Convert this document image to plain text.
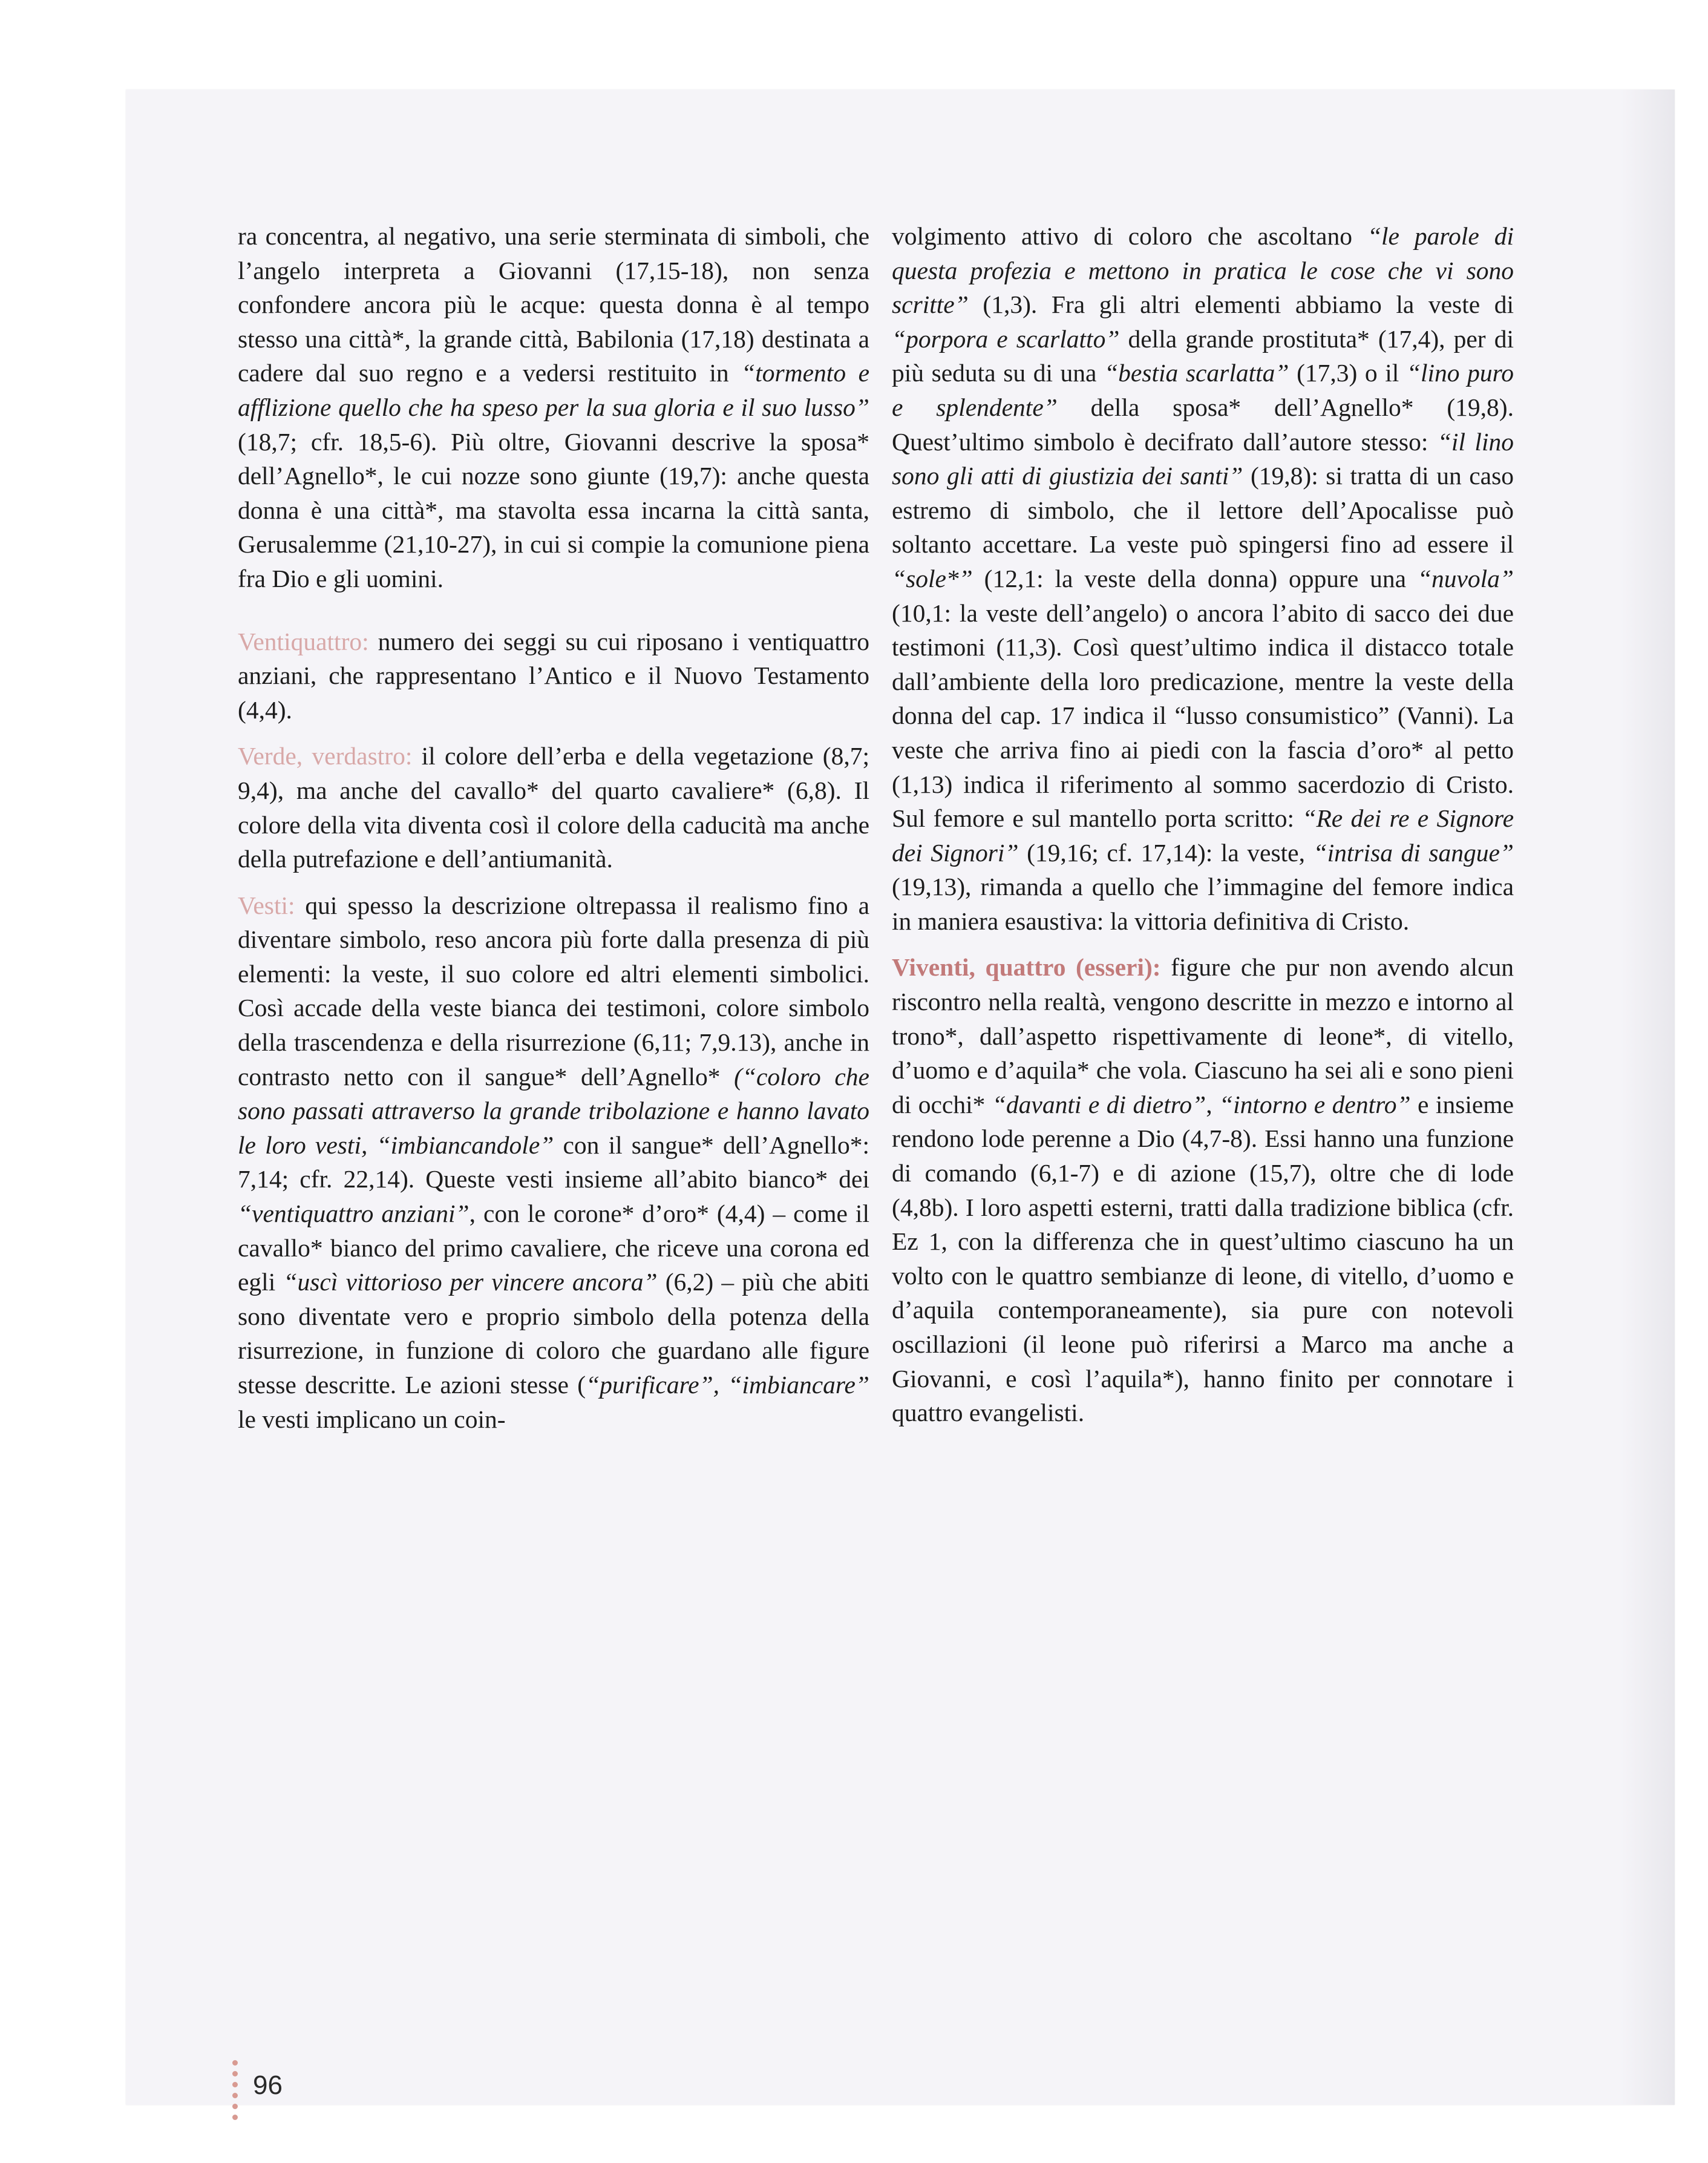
ra concentra, al negativo, una serie sterminata di simboli, che l’angelo interpreta a Giovanni (17,15-18), non senza confondere ancora più le acque: questa donna è al tempo stesso una città*, la grande città, Babilonia (17,18) destinata a cadere dal suo regno e a vedersi restituito in “tormento e afflizione quello che ha speso per la sua gloria e il suo lusso” (18,7; cfr. 18,5-6). Più oltre, Giovanni descrive la sposa* dell’Agnello*, le cui nozze sono giunte (19,7): anche questa donna è una città*, ma stavolta essa incarna la città santa, Gerusalemme (21,10-27), in cui si compie la comunione piena fra Dio e gli uomini.

Ventiquattro: numero dei seggi su cui riposano i ventiquattro anziani, che rappresentano l’Antico e il Nuovo Testamento (4,4).

Verde, verdastro: il colore dell’erba e della vegetazione (8,7; 9,4), ma anche del cavallo* del quarto cavaliere* (6,8). Il colore della vita diventa così il colore della caducità ma anche della putrefazione e dell’antiumanità.

Vesti: qui spesso la descrizione oltrepassa il realismo fino a diventare simbolo, reso ancora più forte dalla presenza di più elementi: la veste, il suo colore ed altri elementi simbolici. Così accade della veste bianca dei testimoni, colore simbolo della trascendenza e della risurrezione (6,11; 7,9.13), anche in contrasto netto con il sangue* dell’Agnello* (“coloro che sono passati attraverso la grande tribolazione e hanno lavato le loro vesti, “imbiancandole” con il sangue* dell’Agnello*: 7,14; cfr. 22,14). Queste vesti insieme all’abito bianco* dei “ventiquattro anziani”, con le corone* d’oro* (4,4) – come il cavallo* bianco del primo cavaliere, che riceve una corona ed egli “uscì vittorioso per vincere ancora” (6,2) – più che abiti sono diventate vero e proprio simbolo della potenza della risurrezione, in funzione di coloro che guardano alle figure stesse descritte. Le azioni stesse (“purificare”, “imbiancare” le vesti implicano un coin-

volgimento attivo di coloro che ascoltano “le parole di questa profezia e mettono in pratica le cose che vi sono scritte” (1,3). Fra gli altri elementi abbiamo la veste di “porpora e scarlatto” della grande prostituta* (17,4), per di più seduta su di una “bestia scarlatta” (17,3) o il “lino puro e splendente” della sposa* dell’Agnello* (19,8). Quest’ultimo simbolo è decifrato dall’autore stesso: “il lino sono gli atti di giustizia dei santi” (19,8): si tratta di un caso estremo di simbolo, che il lettore dell’Apocalisse può soltanto accettare. La veste può spingersi fino ad essere il “sole*” (12,1: la veste della donna) oppure una “nuvola” (10,1: la veste dell’angelo) o ancora l’abito di sacco dei due testimoni (11,3). Così quest’ultimo indica il distacco totale dall’ambiente della loro predicazione, mentre la veste della donna del cap. 17 indica il “lusso consumistico” (Vanni). La veste che arriva fino ai piedi con la fascia d’oro* al petto (1,13) indica il riferimento al sommo sacerdozio di Cristo. Sul femore e sul mantello porta scritto: “Re dei re e Signore dei Signori” (19,16; cf. 17,14): la veste, “intrisa di sangue” (19,13), rimanda a quello che l’immagine del femore indica in maniera esaustiva: la vittoria definitiva di Cristo.

Viventi, quattro (esseri): figure che pur non avendo alcun riscontro nella realtà, vengono descritte in mezzo e intorno al trono*, dall’aspetto rispettivamente di leone*, di vitello, d’uomo e d’aquila* che vola. Ciascuno ha sei ali e sono pieni di occhi* “davanti e di dietro”, “intorno e dentro” e insieme rendono lode perenne a Dio (4,7-8). Essi hanno una funzione di comando (6,1-7) e di azione (15,7), oltre che di lode (4,8b). I loro aspetti esterni, tratti dalla tradizione biblica (cfr. Ez 1, con la differenza che in quest’ultimo ciascuno ha un volto con le quattro sembianze di leone, di vitello, d’uomo e d’aquila contemporaneamente), sia pure con notevoli oscillazioni (il leone può riferirsi a Marco ma anche a Giovanni, e così l’aquila*), hanno finito per connotare i quattro evangelisti.

96
